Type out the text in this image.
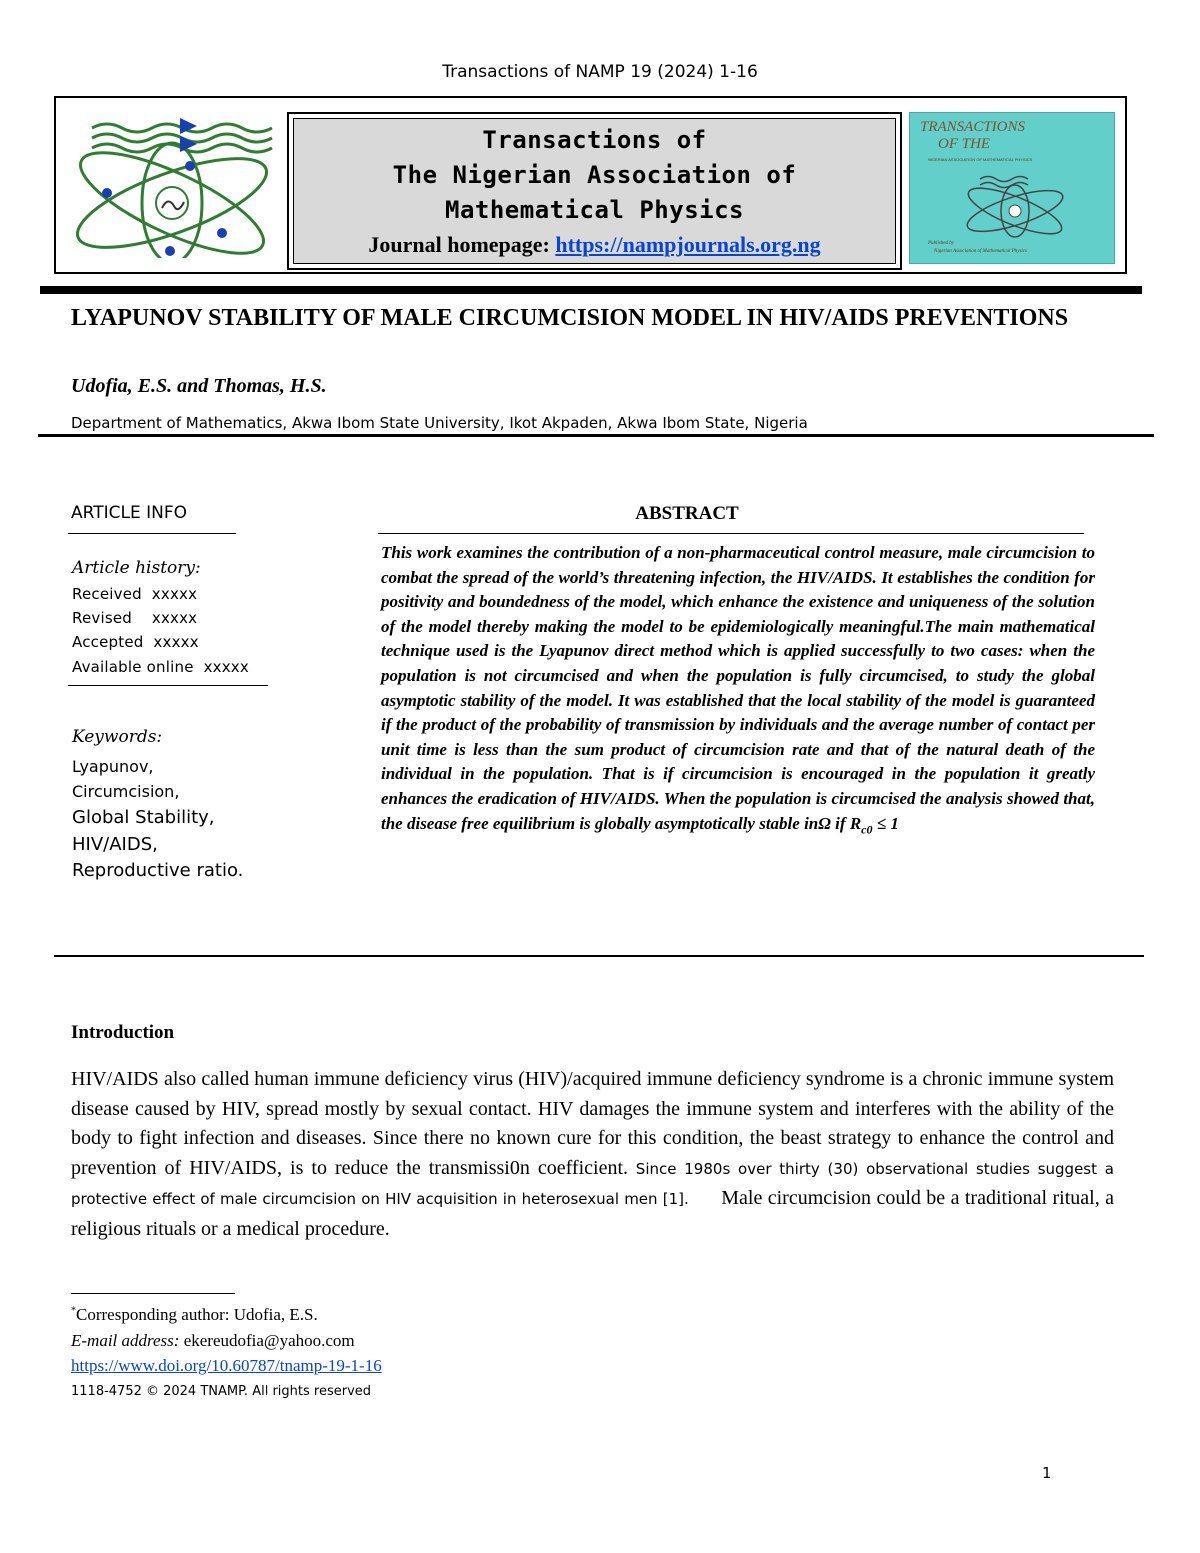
Transactions of NAMP 19 (2024) 1-16
Transactions of
The Nigerian Association of
Mathematical Physics
Journal homepage: https://nampjournals.org.ng
TRANSACTIONS
OF THE
NIGERIAN ASSOCIATION OF MATHEMATICAL PHYSICS
Published by
Nigerian Association of Mathematical Physics
LYAPUNOV STABILITY OF MALE CIRCUMCISION MODEL IN HIV/AIDS PREVENTIONS
Udofia, E.S. and Thomas, H.S.
Department of Mathematics, Akwa Ibom State University, Ikot Akpaden, Akwa Ibom State, Nigeria
ARTICLE INFO
Article history:
Received xxxxx
Revised xxxxx
Accepted xxxxx
Available online xxxxx
Keywords:
Lyapunov,
Circumcision,
Global Stability,
HIV/AIDS,
Reproductive ratio.
ABSTRACT
This work examines the contribution of a non-pharmaceutical control measure, male circumcision to combat the spread of the world’s threatening infection, the HIV/AIDS. It establishes the condition for positivity and boundedness of the model, which enhance the existence and uniqueness of the solution of the model thereby making the model to be epidemiologically meaningful.The main mathematical technique used is the Lyapunov direct method which is applied successfully to two cases: when the population is not circumcised and when the population is fully circumcised, to study the global asymptotic stability of the model. It was established that the local stability of the model is guaranteed if the product of the probability of transmission by individuals and the average number of contact per unit time is less than the sum product of circumcision rate and that of the natural death of the individual in the population. That is if circumcision is encouraged in the population it greatly enhances the eradication of HIV/AIDS. When the population is circumcised the analysis showed that, the disease free equilibrium is globally asymptotically stable inΩ if $R_{c0} \le 1$
Introduction
HIV/AIDS also called human immune deficiency virus (HIV)/acquired immune deficiency syndrome is a chronic immune system disease caused by HIV, spread mostly by sexual contact. HIV damages the immune system and interferes with the ability of the body to fight infection and diseases. Since there no known cure for this condition, the beast strategy to enhance the control and prevention of HIV/AIDS, is to reduce the transmissi0n coefficient. Since 1980s over thirty (30) observational studies suggest a protective effect of male circumcision on HIV acquisition in heterosexual men [1].      Male circumcision could be a traditional ritual, a religious rituals or a medical procedure.
*Corresponding author: Udofia, E.S.
E-mail address: ekereudofia@yahoo.com
https://www.doi.org/10.60787/tnamp-19-1-16
1118-4752 © 2024 TNAMP. All rights reserved
1
